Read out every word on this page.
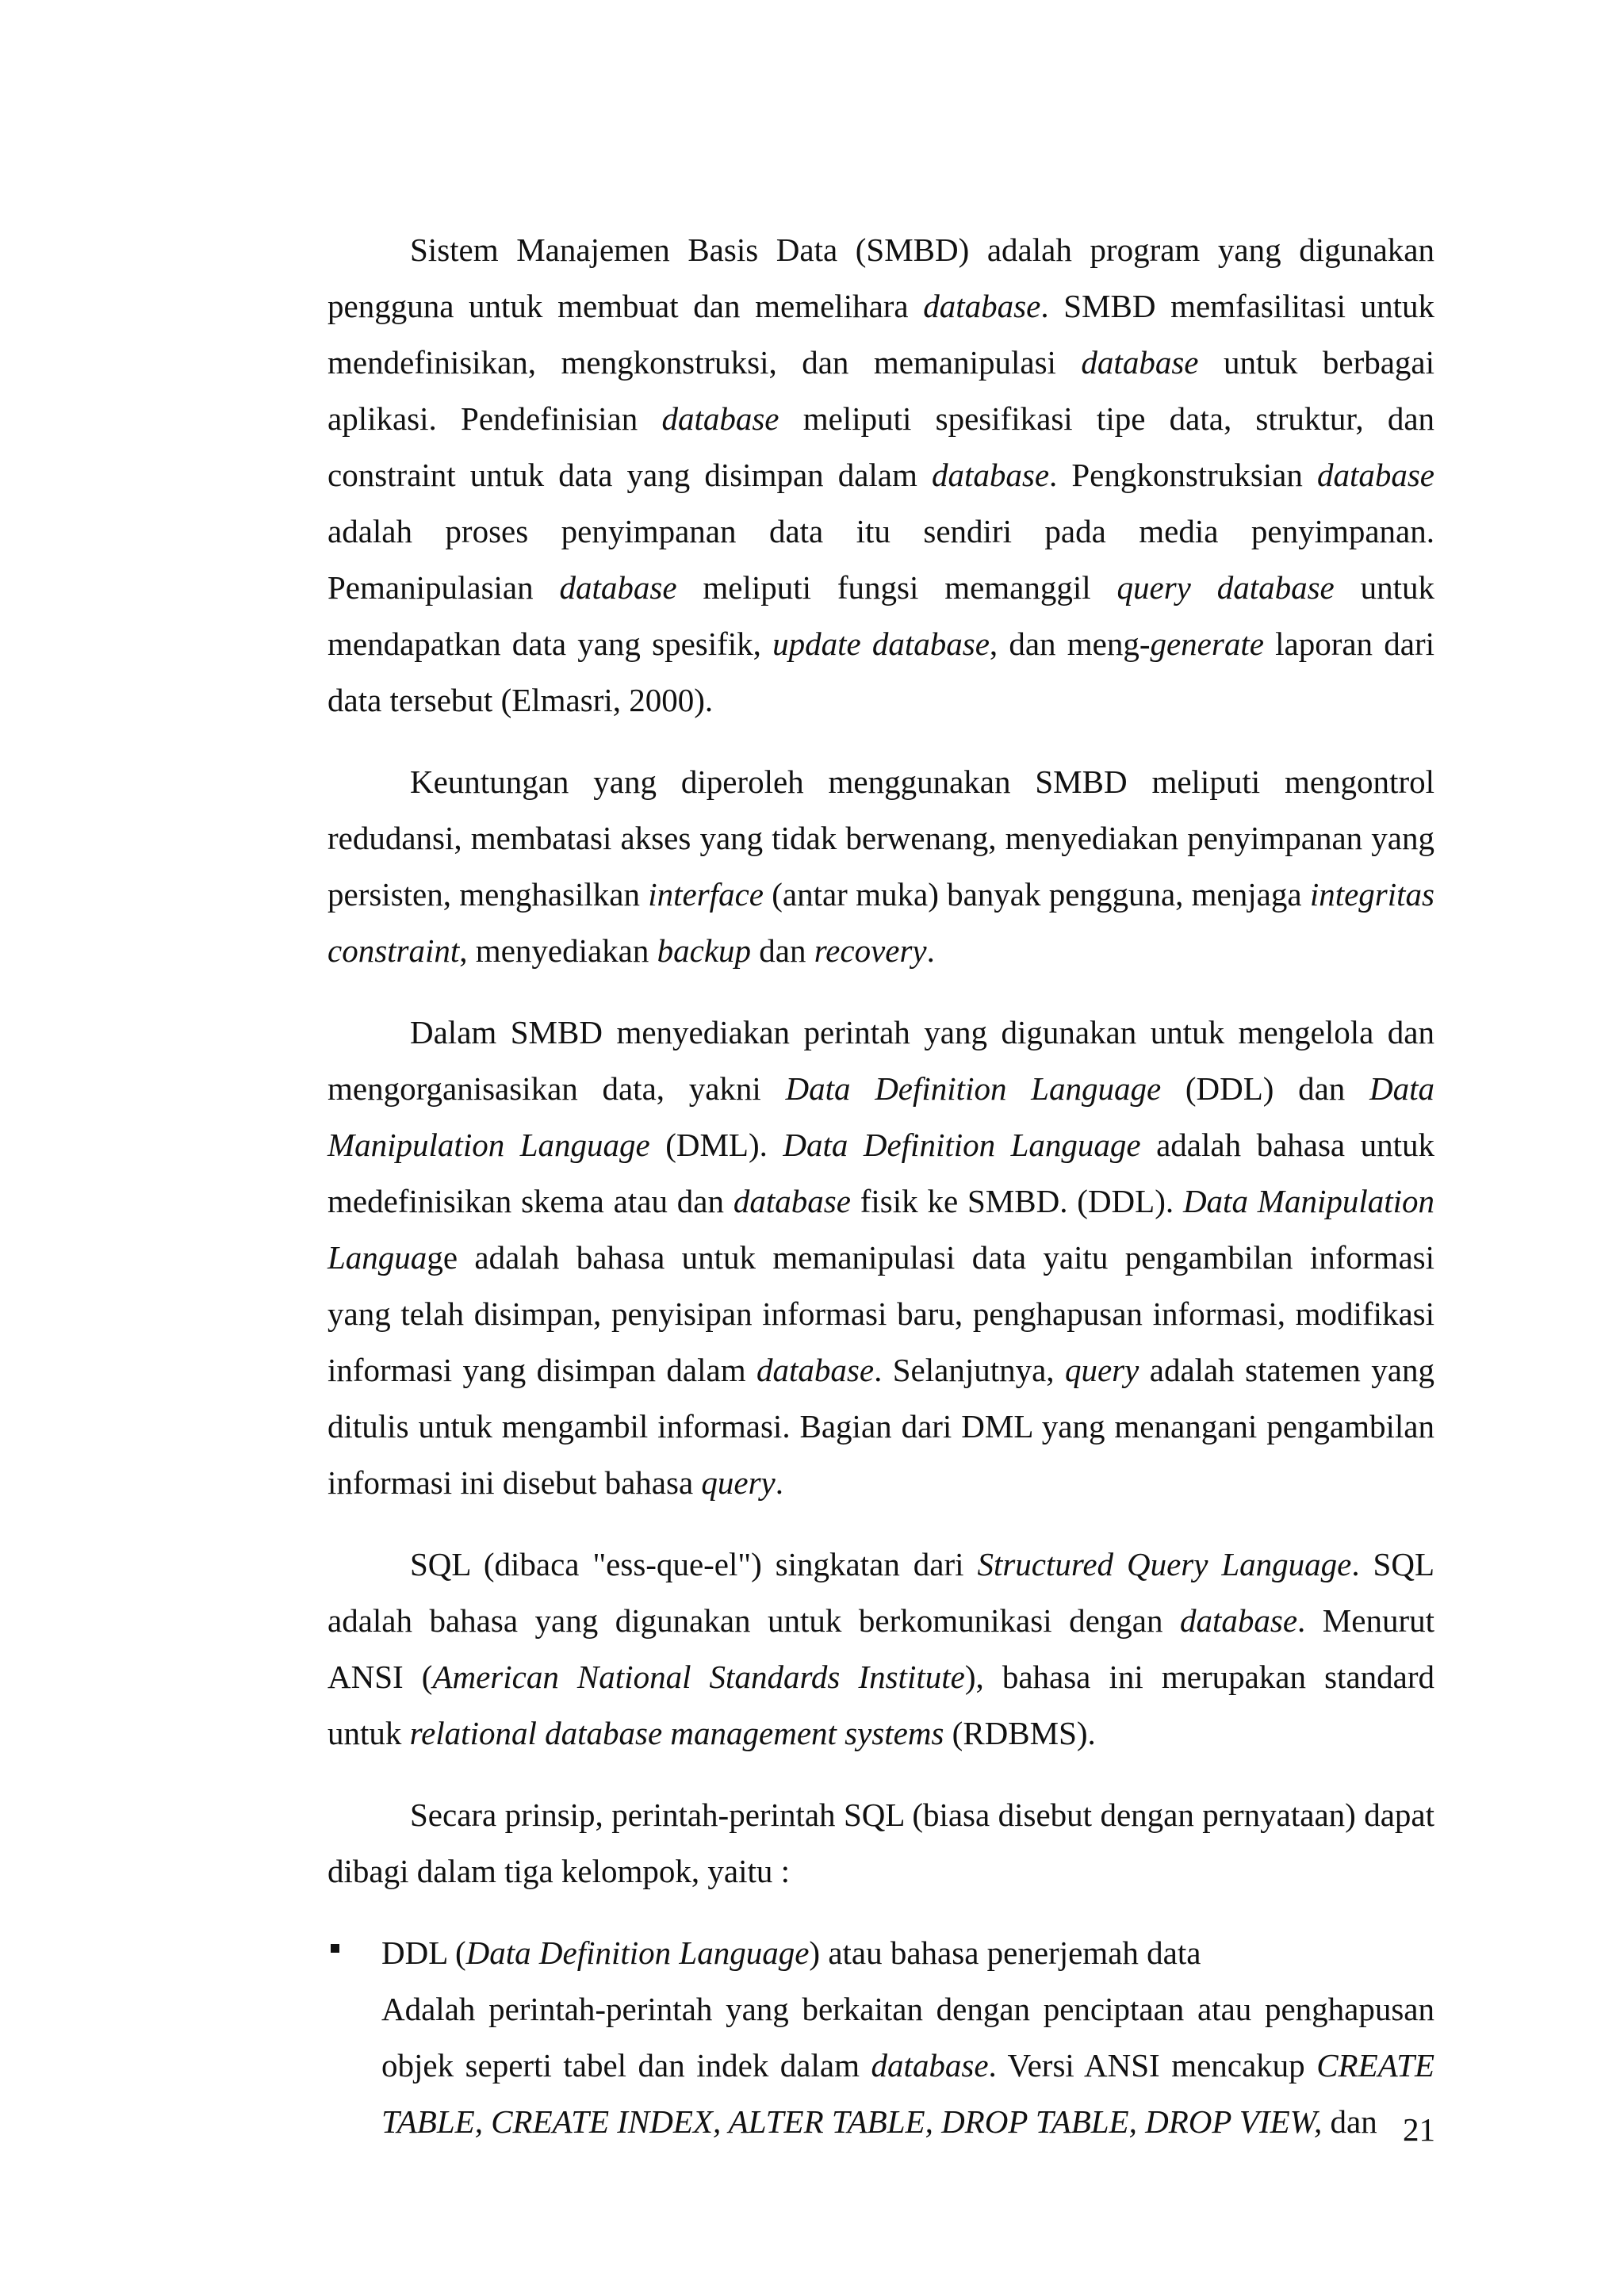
Sistem Manajemen Basis Data (SMBD) adalah program yang digunakan pengguna untuk membuat dan memelihara database. SMBD memfasilitasi untuk mendefinisikan, mengkonstruksi, dan memanipulasi database untuk berbagai aplikasi. Pendefinisian database meliputi spesifikasi tipe data, struktur, dan constraint untuk data yang disimpan dalam database. Pengkonstruksian database adalah proses penyimpanan data itu sendiri pada media penyimpanan. Pemanipulasian database meliputi fungsi memanggil query database untuk mendapatkan data yang spesifik, update database, dan meng-generate laporan dari data tersebut (Elmasri, 2000).

Keuntungan yang diperoleh menggunakan SMBD meliputi mengontrol redudansi, membatasi akses yang tidak berwenang, menyediakan penyimpanan yang persisten, menghasilkan interface (antar muka) banyak pengguna, menjaga integritas constraint, menyediakan backup dan recovery.

Dalam SMBD menyediakan perintah yang digunakan untuk mengelola dan mengorganisasikan data, yakni Data Definition Language (DDL) dan Data Manipulation Language (DML). Data Definition Language adalah bahasa untuk medefinisikan skema atau dan database fisik ke SMBD. (DDL). Data Manipulation Language adalah bahasa untuk memanipulasi data yaitu pengambilan informasi yang telah disimpan, penyisipan informasi baru, penghapusan informasi, modifikasi informasi yang disimpan dalam database. Selanjutnya, query adalah statemen yang ditulis untuk mengambil informasi. Bagian dari DML yang menangani pengambilan informasi ini disebut bahasa query.

SQL (dibaca "ess-que-el") singkatan dari Structured Query Language. SQL adalah bahasa yang digunakan untuk berkomunikasi dengan database. Menurut ANSI (American National Standards Institute), bahasa ini merupakan standard untuk relational database management systems (RDBMS).

Secara prinsip, perintah-perintah SQL (biasa disebut dengan pernyataan) dapat dibagi dalam tiga kelompok, yaitu :

DDL (Data Definition Language) atau bahasa penerjemah data

Adalah perintah-perintah yang berkaitan dengan penciptaan atau penghapusan objek seperti tabel dan indek dalam database. Versi ANSI mencakup CREATE TABLE, CREATE INDEX, ALTER TABLE, DROP TABLE, DROP VIEW, dan 21
